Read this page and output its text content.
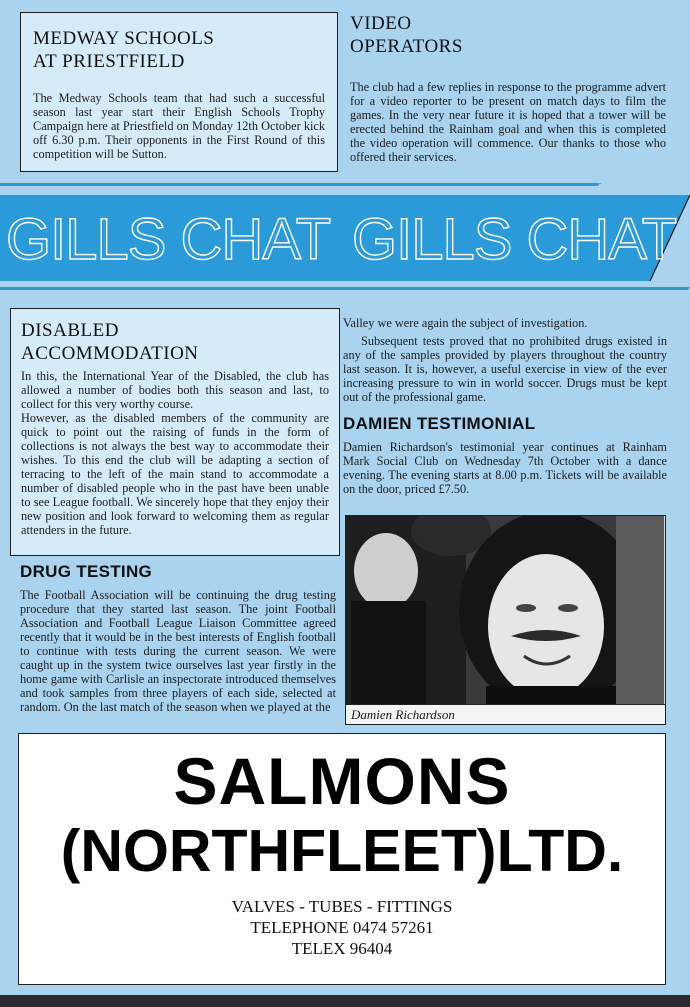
MEDWAY SCHOOLS
AT PRIESTFIELD

The Medway Schools team that had such a successful season last year start their English Schools Trophy Campaign here at Priestfield on Monday 12th October kick off 6.30 p.m. Their opponents in the First Round of this competition will be Sutton.

VIDEO
OPERATORS

The club had a few replies in response to the programme advert for a video reporter to be present on match days to film the games. In the very near future it is hoped that a tower will be erected behind the Rainham goal and when this is completed the video operation will commence. Our thanks to those who offered their services.

GILLS CHAT GILLS CHAT
DISABLED
ACCOMMODATION

In this, the International Year of the Disabled, the club has allowed a number of bodies both this season and last, to collect for this very worthy course.

However, as the disabled members of the community are quick to point out the raising of funds in the form of collections is not always the best way to accommodate their wishes. To this end the club will be adapting a section of terracing to the left of the main stand to accommodate a number of disabled people who in the past have been unable to see League football. We sincerely hope that they enjoy their new position and look forward to welcoming them as regular attenders in the future.

DRUG TESTING

The Football Association will be continuing the drug testing procedure that they started last season. The joint Football Association and Football League Liaison Committee agreed recently that it would be in the best interests of English football to continue with tests during the current season. We were caught up in the system twice ourselves last year firstly in the home game with Carlisle an inspectorate introduced themselves and took samples from three players of each side, selected at random. On the last match of the season when we played at the

Valley we were again the subject of investigation.

Subsequent tests proved that no prohibited drugs existed in any of the samples provided by players throughout the country last season. It is, however, a useful exercise in view of the ever increasing pressure to win in world soccer. Drugs must be kept out of the professional game.

DAMIEN TESTIMONIAL

Damien Richardson's testimonial year continues at Rainham Mark Social Club on Wednesday 7th October with a dance evening. The evening starts at 8.00 p.m. Tickets will be available on the door, priced £7.50.

Damien Richardson
SALMONS
(NORTHFLEET)LTD.
VALVES - TUBES - FITTINGS
TELEPHONE 0474 57261
TELEX 96404
